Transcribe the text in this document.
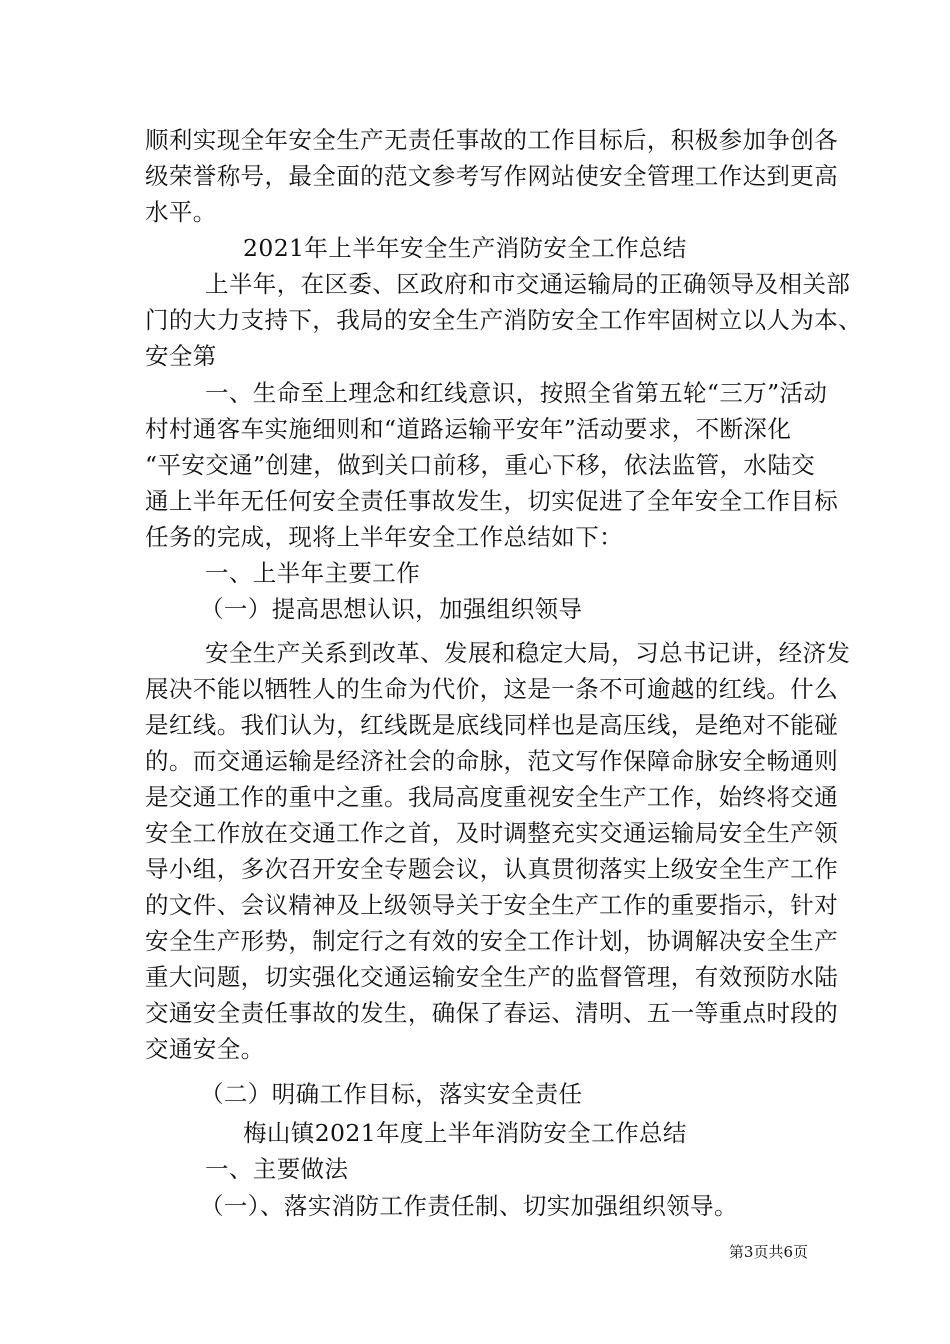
顺利实现全年安全生产无责任事故的工作目标后，积极参加争创各
级荣誉称号，最全面的范文参考写作网站使安全管理工作达到更高
水平。
2021年上半年安全生产消防安全工作总结
上半年，在区委、区政府和市交通运输局的正确领导及相关部
门的大力支持下，我局的安全生产消防安全工作牢固树立以人为本、
安全第
一、生命至上理念和红线意识，按照全省第五轮“三万”活动
村村通客车实施细则和“道路运输平安年”活动要求，不断深化
“平安交通”创建，做到关口前移，重心下移，依法监管，水陆交
通上半年无任何安全责任事故发生，切实促进了全年安全工作目标
任务的完成，现将上半年安全工作总结如下：
一、上半年主要工作
（一）提高思想认识，加强组织领导
安全生产关系到改革、发展和稳定大局，习总书记讲，经济发
展决不能以牺牲人的生命为代价，这是一条不可逾越的红线。什么
是红线。我们认为，红线既是底线同样也是高压线，是绝对不能碰
的。而交通运输是经济社会的命脉，范文写作保障命脉安全畅通则
是交通工作的重中之重。我局高度重视安全生产工作，始终将交通
安全工作放在交通工作之首，及时调整充实交通运输局安全生产领
导小组，多次召开安全专题会议，认真贯彻落实上级安全生产工作
的文件、会议精神及上级领导关于安全生产工作的重要指示，针对
安全生产形势，制定行之有效的安全工作计划，协调解决安全生产
重大问题，切实强化交通运输安全生产的监督管理，有效预防水陆
交通安全责任事故的发生，确保了春运、清明、五一等重点时段的
交通安全。
（二）明确工作目标，落实安全责任
梅山镇2021年度上半年消防安全工作总结
一、主要做法
（一）、落实消防工作责任制、切实加强组织领导。
第3页共6页
